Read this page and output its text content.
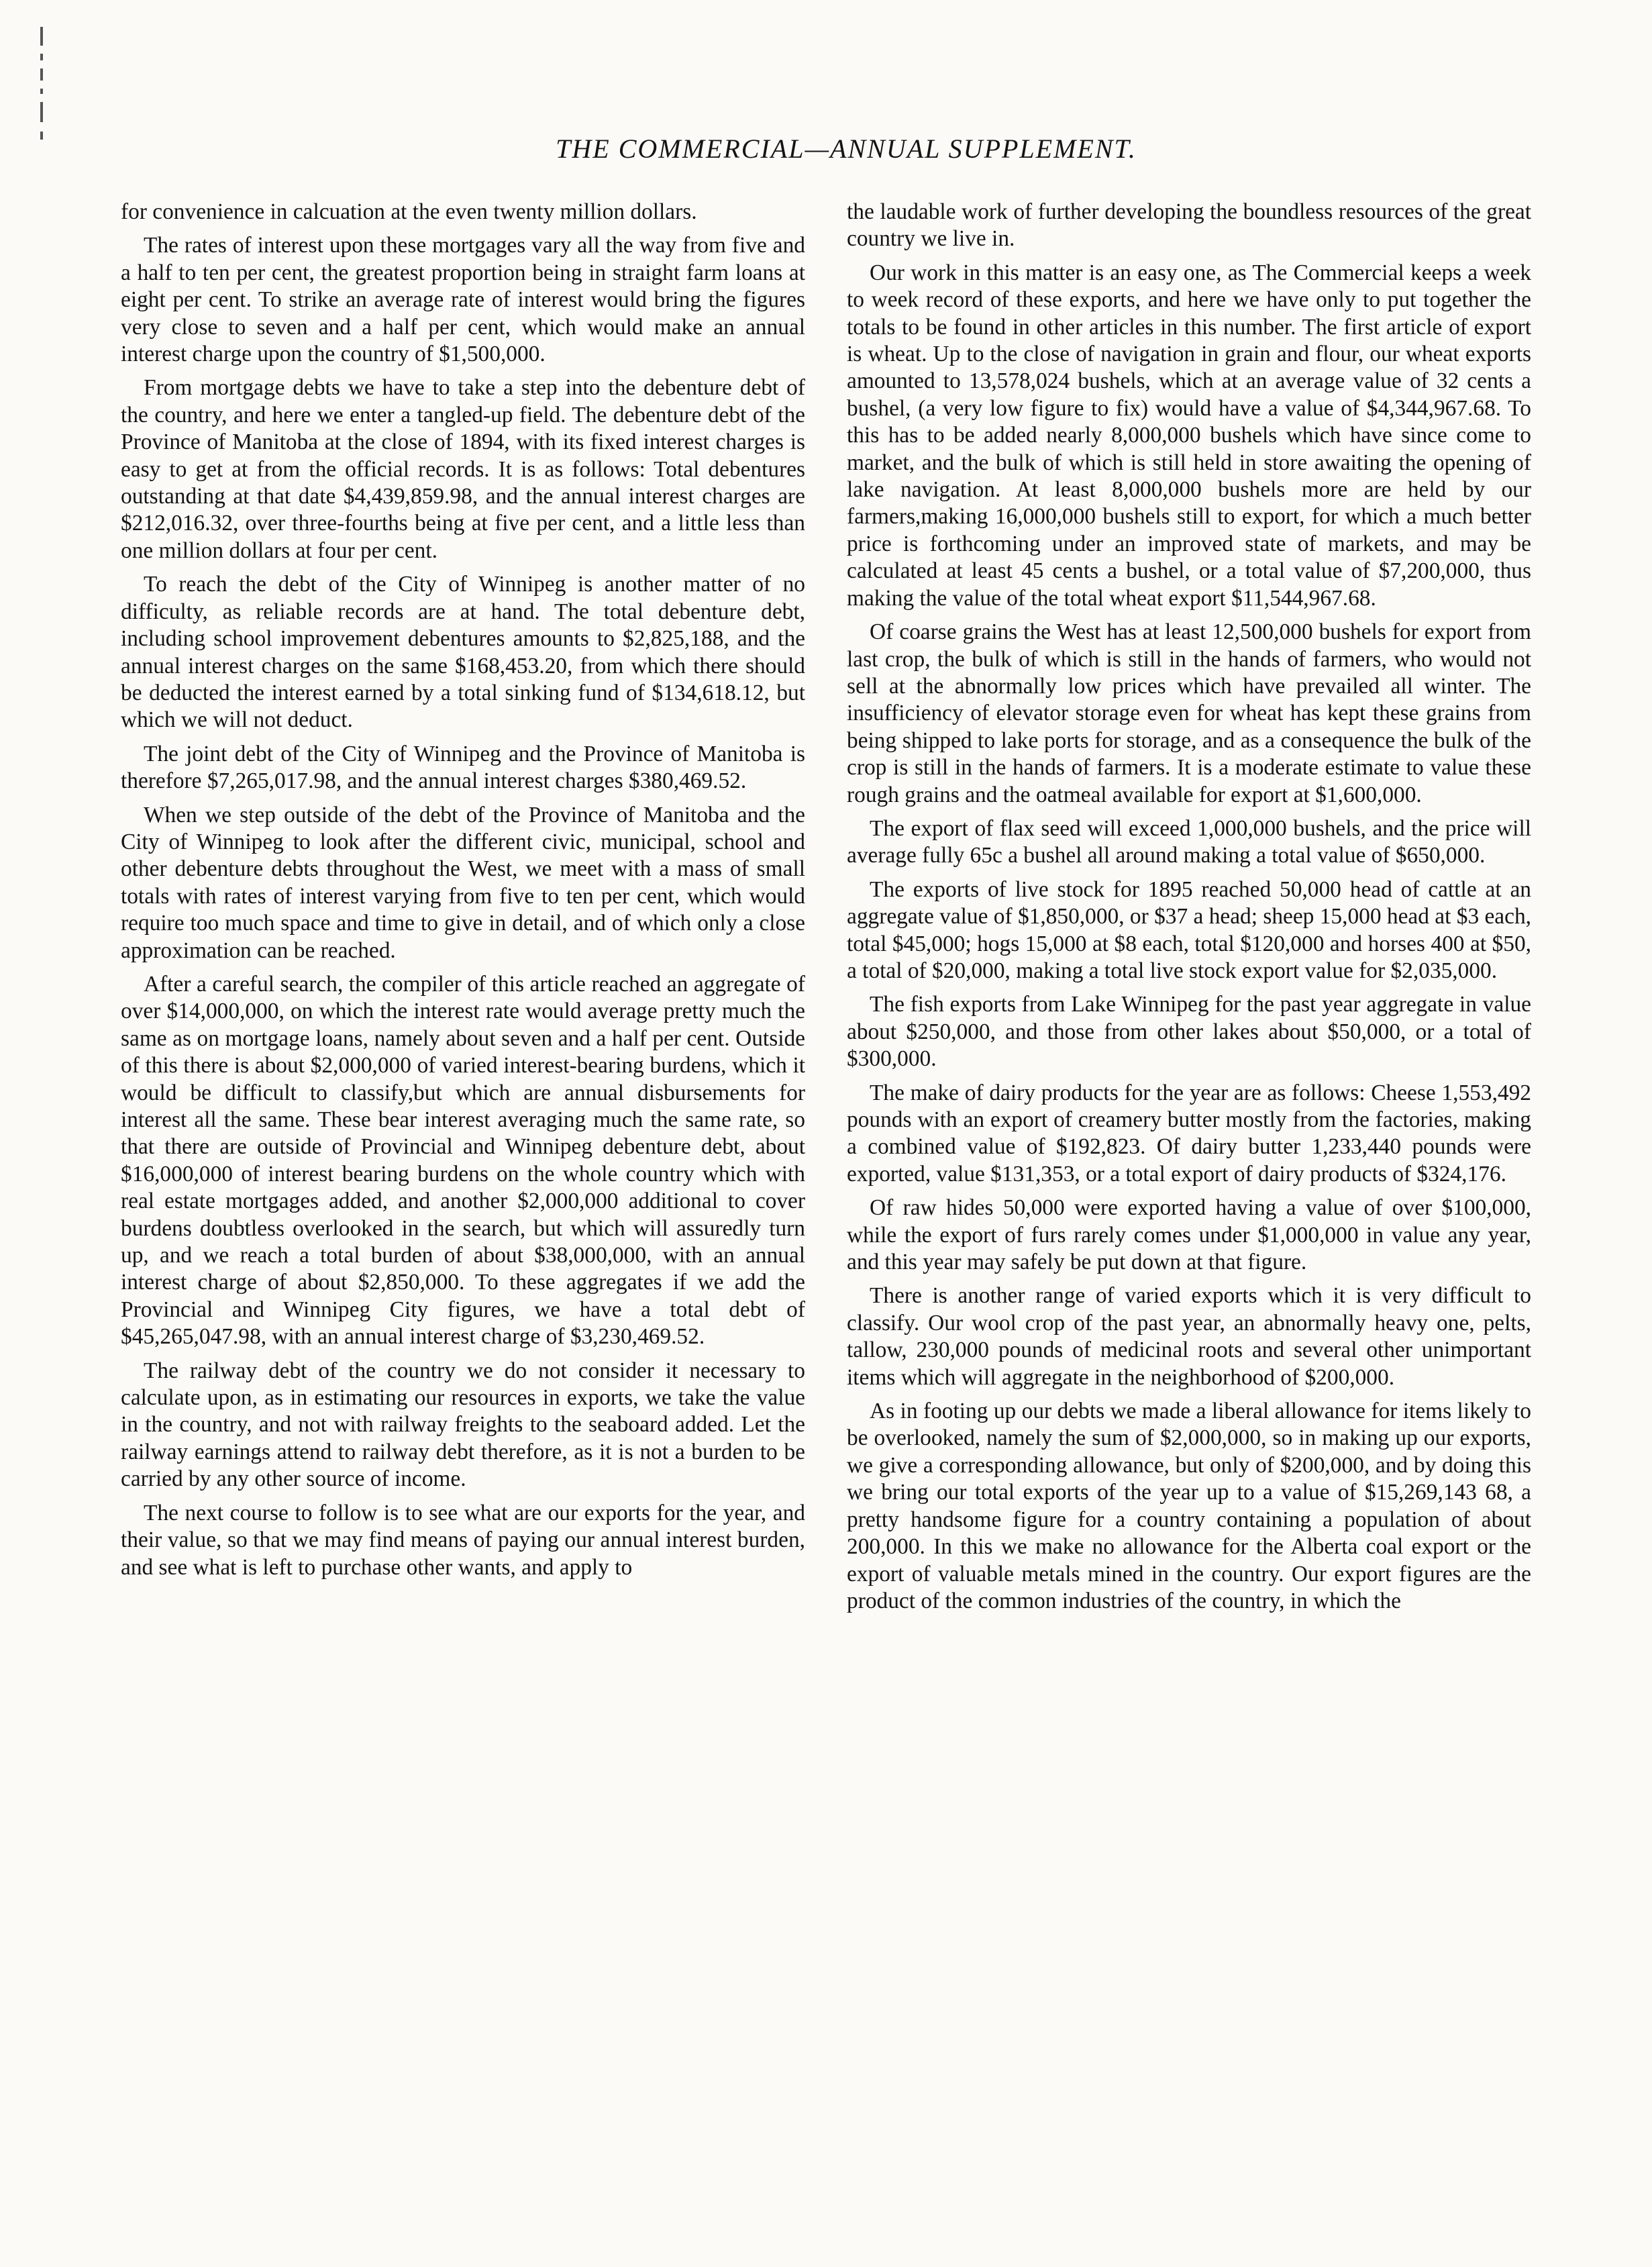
THE COMMERCIAL—ANNUAL SUPPLEMENT.

for convenience in calcuation at the even twenty million dollars.

The rates of interest upon these mortgages vary all the way from five and a half to ten per cent, the greatest proportion being in straight farm loans at eight per cent. To strike an average rate of interest would bring the figures very close to seven and a half per cent, which would make an annual interest charge upon the country of $1,500,000.

From mortgage debts we have to take a step into the debenture debt of the country, and here we enter a tangled-up field. The debenture debt of the Province of Manitoba at the close of 1894, with its fixed interest charges is easy to get at from the official records. It is as follows: Total debentures outstanding at that date $4,439,859.98, and the annual interest charges are $212,016.32, over three-fourths being at five per cent, and a little less than one million dollars at four per cent.

To reach the debt of the City of Winnipeg is another matter of no difficulty, as reliable records are at hand. The total debenture debt, including school improvement debentures amounts to $2,825,188, and the annual interest charges on the same $168,453.20, from which there should be deducted the interest earned by a total sinking fund of $134,618.12, but which we will not deduct.

The joint debt of the City of Winnipeg and the Province of Manitoba is therefore $7,265,017.98, and the annual interest charges $380,469.52.

When we step outside of the debt of the Province of Manitoba and the City of Winnipeg to look after the different civic, municipal, school and other debenture debts throughout the West, we meet with a mass of small totals with rates of interest varying from five to ten per cent, which would require too much space and time to give in detail, and of which only a close approximation can be reached.

After a careful search, the compiler of this article reached an aggregate of over $14,000,000, on which the interest rate would average pretty much the same as on mortgage loans, namely about seven and a half per cent. Outside of this there is about $2,000,000 of varied interest-bearing burdens, which it would be difficult to classify,but which are annual disbursements for interest all the same. These bear interest averaging much the same rate, so that there are outside of Provincial and Winnipeg debenture debt, about $16,000,000 of interest bearing burdens on the whole country which with real estate mortgages added, and another $2,000,000 additional to cover burdens doubtless overlooked in the search, but which will assuredly turn up, and we reach a total burden of about $38,000,000, with an annual interest charge of about $2,850,000. To these aggregates if we add the Provincial and Winnipeg City figures, we have a total debt of $45,265,047.98, with an annual interest charge of $3,230,469.52.

The railway debt of the country we do not consider it necessary to calculate upon, as in estimating our resources in exports, we take the value in the country, and not with railway freights to the seaboard added. Let the railway earnings attend to railway debt therefore, as it is not a burden to be carried by any other source of income.

The next course to follow is to see what are our exports for the year, and their value, so that we may find means of paying our annual interest burden, and see what is left to purchase other wants, and apply to

the laudable work of further developing the boundless resources of the great country we live in.

Our work in this matter is an easy one, as The Commercial keeps a week to week record of these exports, and here we have only to put together the totals to be found in other articles in this number. The first article of export is wheat. Up to the close of navigation in grain and flour, our wheat exports amounted to 13,578,024 bushels, which at an average value of 32 cents a bushel, (a very low figure to fix) would have a value of $4,344,967.68. To this has to be added nearly 8,000,000 bushels which have since come to market, and the bulk of which is still held in store awaiting the opening of lake navigation. At least 8,000,000 bushels more are held by our farmers,making 16,000,000 bushels still to export, for which a much better price is forthcoming under an improved state of markets, and may be calculated at least 45 cents a bushel, or a total value of $7,200,000, thus making the value of the total wheat export $11,544,967.68.

Of coarse grains the West has at least 12,500,000 bushels for export from last crop, the bulk of which is still in the hands of farmers, who would not sell at the abnormally low prices which have prevailed all winter. The insufficiency of elevator storage even for wheat has kept these grains from being shipped to lake ports for storage, and as a consequence the bulk of the crop is still in the hands of farmers. It is a moderate estimate to value these rough grains and the oatmeal available for export at $1,600,000.

The export of flax seed will exceed 1,000,000 bushels, and the price will average fully 65c a bushel all around making a total value of $650,000.

The exports of live stock for 1895 reached 50,000 head of cattle at an aggregate value of $1,850,000, or $37 a head; sheep 15,000 head at $3 each, total $45,000; hogs 15,000 at $8 each, total $120,000 and horses 400 at $50, a total of $20,000, making a total live stock export value for $2,035,000.

The fish exports from Lake Winnipeg for the past year aggregate in value about $250,000, and those from other lakes about $50,000, or a total of $300,000.

The make of dairy products for the year are as follows: Cheese 1,553,492 pounds with an export of creamery butter mostly from the factories, making a combined value of $192,823. Of dairy butter 1,233,440 pounds were exported, value $131,353, or a total export of dairy products of $324,176.

Of raw hides 50,000 were exported having a value of over $100,000, while the export of furs rarely comes under $1,000,000 in value any year, and this year may safely be put down at that figure.

There is another range of varied exports which it is very difficult to classify. Our wool crop of the past year, an abnormally heavy one, pelts, tallow, 230,000 pounds of medicinal roots and several other unimportant items which will aggregate in the neighborhood of $200,000.

As in footing up our debts we made a liberal allowance for items likely to be overlooked, namely the sum of $2,000,000, so in making up our exports, we give a corresponding allowance, but only of $200,000, and by doing this we bring our total exports of the year up to a value of $15,269,143 68, a pretty handsome figure for a country containing a population of about 200,000. In this we make no allowance for the Alberta coal export or the export of valuable metals mined in the country. Our export figures are the product of the common industries of the country, in which the
